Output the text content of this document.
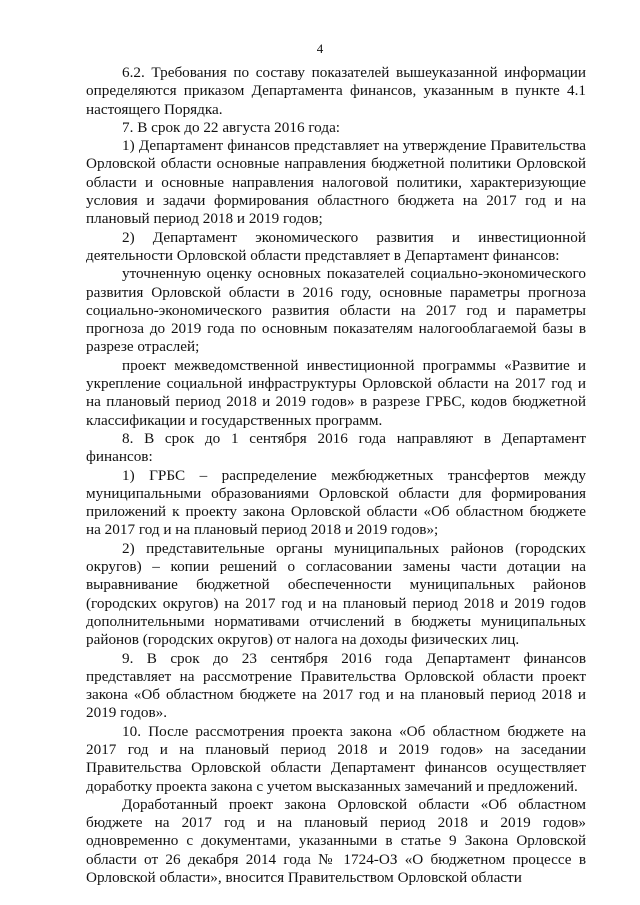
4

6.2. Требования по составу показателей вышеуказанной информации определяются приказом Департамента финансов, указанным в пункте 4.1 настоящего Порядка.

7. В срок до 22 августа 2016 года:

1) Департамент финансов представляет на утверждение Правительства Орловской области основные направления бюджетной политики Орловской области и основные направления налоговой политики, характеризующие условия и задачи формирования областного бюджета на 2017 год и на плановый период 2018 и 2019 годов;

2) Департамент экономического развития и инвестиционной деятельности Орловской области представляет в Департамент финансов:

уточненную оценку основных показателей социально-экономического развития Орловской области в 2016 году, основные параметры прогноза социально-экономического развития области на 2017 год и параметры прогноза до 2019 года по основным показателям налогооблагаемой базы в разрезе отраслей;

проект межведомственной инвестиционной программы «Развитие и укрепление социальной инфраструктуры Орловской области на 2017 год и на плановый период 2018 и 2019 годов» в разрезе ГРБС, кодов бюджетной классификации и государственных программ.

8. В срок до 1 сентября 2016 года направляют в Департамент финансов:

1) ГРБС – распределение межбюджетных трансфертов между муниципальными образованиями Орловской области для формирования приложений к проекту закона Орловской области «Об областном бюджете на 2017 год и на плановый период 2018 и 2019 годов»;

2) представительные органы муниципальных районов (городских округов) – копии решений о согласовании замены части дотации на выравнивание бюджетной обеспеченности муниципальных районов (городских округов) на 2017 год и на плановый период 2018 и 2019 годов дополнительными нормативами отчислений в бюджеты муниципальных районов (городских округов) от налога на доходы физических лиц.

9. В срок до 23 сентября 2016 года Департамент финансов представляет на рассмотрение Правительства Орловской области проект закона «Об областном бюджете на 2017 год и на плановый период 2018 и 2019 годов».

10. После рассмотрения проекта закона «Об областном бюджете на 2017 год и на плановый период 2018 и 2019 годов» на заседании Правительства Орловской области Департамент финансов осуществляет доработку проекта закона с учетом высказанных замечаний и предложений.

Доработанный проект закона Орловской области «Об областном бюджете на 2017 год и на плановый период 2018 и 2019 годов» одновременно с документами, указанными в статье 9 Закона Орловской области от 26 декабря 2014 года № 1724-ОЗ «О бюджетном процессе в Орловской области», вносится Правительством Орловской области
